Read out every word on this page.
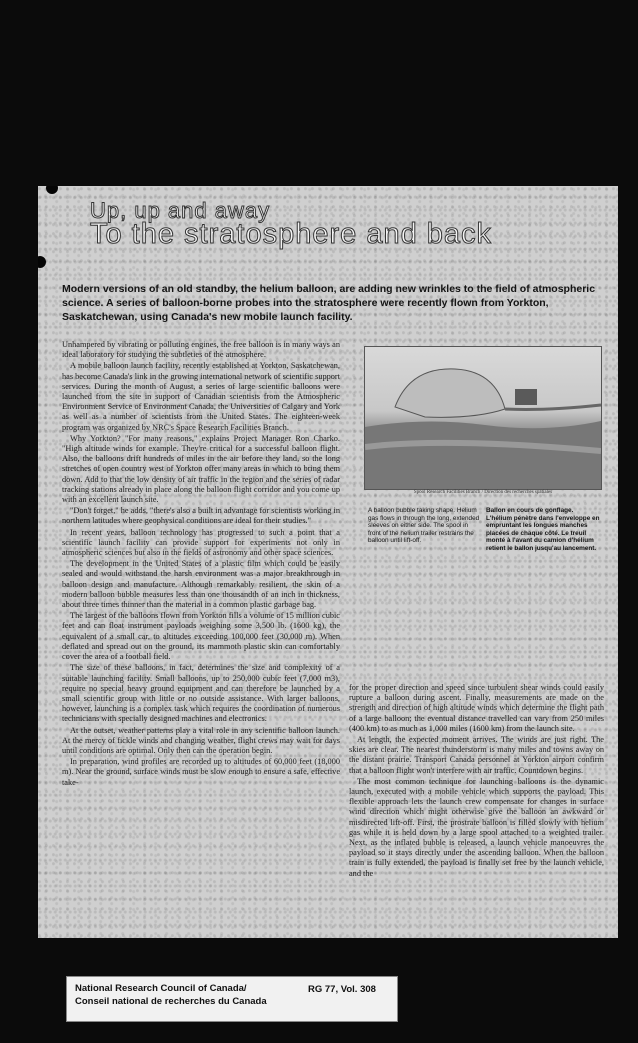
Up, up and away
To the stratosphere and back
Modern versions of an old standby, the helium balloon, are adding new wrinkles to the field of atmospheric science. A series of balloon-borne probes into the stratosphere were recently flown from Yorkton, Saskatchewan, using Canada's new mobile launch facility.

Unhampered by vibrating or polluting engines, the free balloon is in many ways an ideal laboratory for studying the subtleties of the atmosphere.

A mobile balloon launch facility, recently established at Yorkton, Saskatchewan, has become Canada's link in the growing international network of scientific support services. During the month of August, a series of large scientific balloons were launched from the site in support of Canadian scientists from the Atmospheric Environment Service of Environment Canada, the Universities of Calgary and York as well as a number of scientists from the United States. The eighteen-week program was organized by NRC's Space Research Facilities Branch.

Why Yorkton? "For many reasons," explains Project Manager Ron Charko. "High altitude winds for example. They're critical for a successful balloon flight. Also, the balloons drift hundreds of miles in the air before they land, so the long stretches of open country west of Yorkton offer many areas in which to bring them down. Add to that the low density of air traffic in the region and the series of radar tracking stations already in place along the balloon flight corridor and you come up with an excellent launch site.

"Don't forget," he adds, "there's also a built in advantage for scientists working in northern latitudes where geophysical conditions are ideal for their studies."

In recent years, balloon technology has progressed to such a point that a scientific launch facility can provide support for experiments not only in atmospheric sciences but also in the fields of astronomy and other space sciences.

The development in the United States of a plastic film which could be easily sealed and would withstand the harsh environment was a major breakthrough in balloon design and manufacture. Although remarkably resilient, the skin of a modern balloon bubble measures less than one thousandth of an inch in thickness, about three times thinner than the material in a common plastic garbage bag.

The largest of the balloons flown from Yorkton fills a volume of 15 million cubic feet and can float instrument payloads weighing some 3,500 lb. (1600 kg), the equivalent of a small car, to altitudes exceeding 100,000 feet (30,000 m). When deflated and spread out on the ground, its mammoth plastic skin can comfortably cover the area of a football field.

The size of these balloons, in fact, determines the size and complexity of a suitable launching facility. Small balloons, up to 250,000 cubic feet (7,000 m3), require no special heavy ground equipment and can therefore be launched by a small scientific group with little or no outside assistance. With larger balloons, however, launching is a complex task which requires the coordination of numerous technicians with specially designed machines and electronics.

At the outset, weather patterns play a vital role in any scientific balloon launch. At the mercy of fickle winds and changing weather, flight crews may wait for days until conditions are optimal. Only then can the operation begin.

In preparation, wind profiles are recorded up to altitudes of 60,000 feet (18,000 m). Near the ground, surface winds must be slow enough to ensure a safe, effective take-

Spool Research Facilities Branch / Direction des recherches spatiales
A balloon bubble taking shape. Helium gas flows in through the long, extended sleeves on either side. The spool in front of the helium trailer restrains the balloon until lift-off.
Ballon en cours de gonflage. L'hélium pénètre dans l'enveloppe en empruntant les longues manches placées de chaque côté. Le treuil monté à l'avant du camion d'hélium retient le ballon jusqu'au lancement.

for the proper direction and speed since turbulent shear winds could easily rupture a balloon during ascent. Finally, measurements are made on the strength and direction of high altitude winds which determine the flight path of a large balloon; the eventual distance travelled can vary from 250 miles (400 km) to as much as 1,000 miles (1600 km) from the launch site.

At length, the expected moment arrives. The winds are just right. The skies are clear. The nearest thunderstorm is many miles and towns away on the distant prairie. Transport Canada personnel at Yorkton airport confirm that a balloon flight won't interfere with air traffic. Countdown begins.

The most common technique for launching balloons is the dynamic launch, executed with a mobile vehicle which supports the payload. This flexible approach lets the launch crew compensate for changes in surface wind direction which might otherwise give the balloon an awkward or misdirected lift-off. First, the prostrate balloon is filled slowly with helium gas while it is held down by a large spool attached to a weighted trailer. Next, as the inflated bubble is released, a launch vehicle manoeuvres the payload so it stays directly under the ascending balloon. When the balloon train is fully extended, the payload is finally set free by the launch vehicle, and the

National Research Council of Canada/
Conseil national de recherches du Canada
RG 77, Vol. 308
